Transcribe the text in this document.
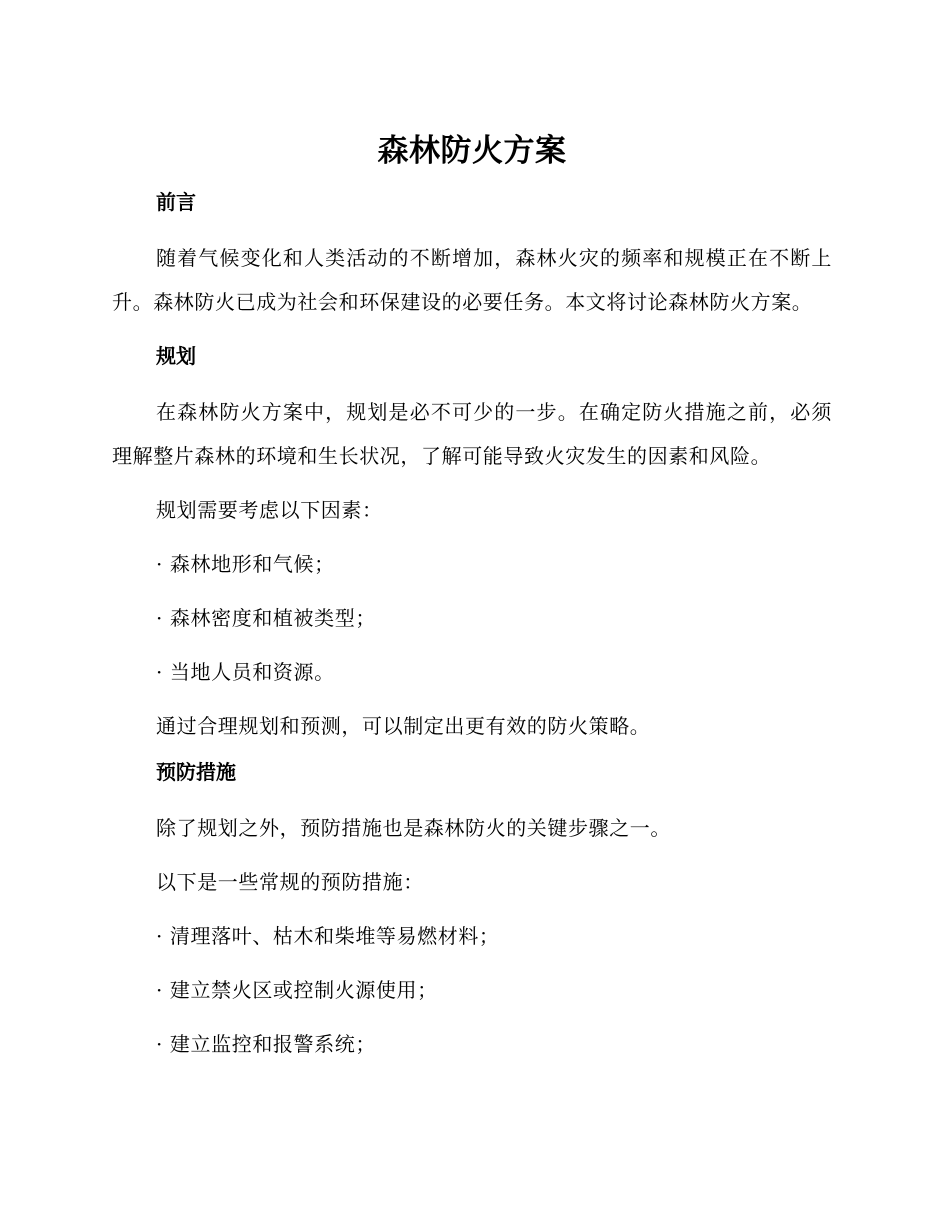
森林防火方案
前言

随着气候变化和人类活动的不断增加，森林火灾的频率和规模正在不断上升。森林防火已成为社会和环保建设的必要任务。本文将讨论森林防火方案。

规划

在森林防火方案中，规划是必不可少的一步。在确定防火措施之前，必须理解整片森林的环境和生长状况，了解可能导致火灾发生的因素和风险。

规划需要考虑以下因素：

· 森林地形和气候；
· 森林密度和植被类型；
· 当地人员和资源。

通过合理规划和预测，可以制定出更有效的防火策略。

预防措施

除了规划之外，预防措施也是森林防火的关键步骤之一。

以下是一些常规的预防措施：

· 清理落叶、枯木和柴堆等易燃材料；
· 建立禁火区或控制火源使用；
· 建立监控和报警系统；
